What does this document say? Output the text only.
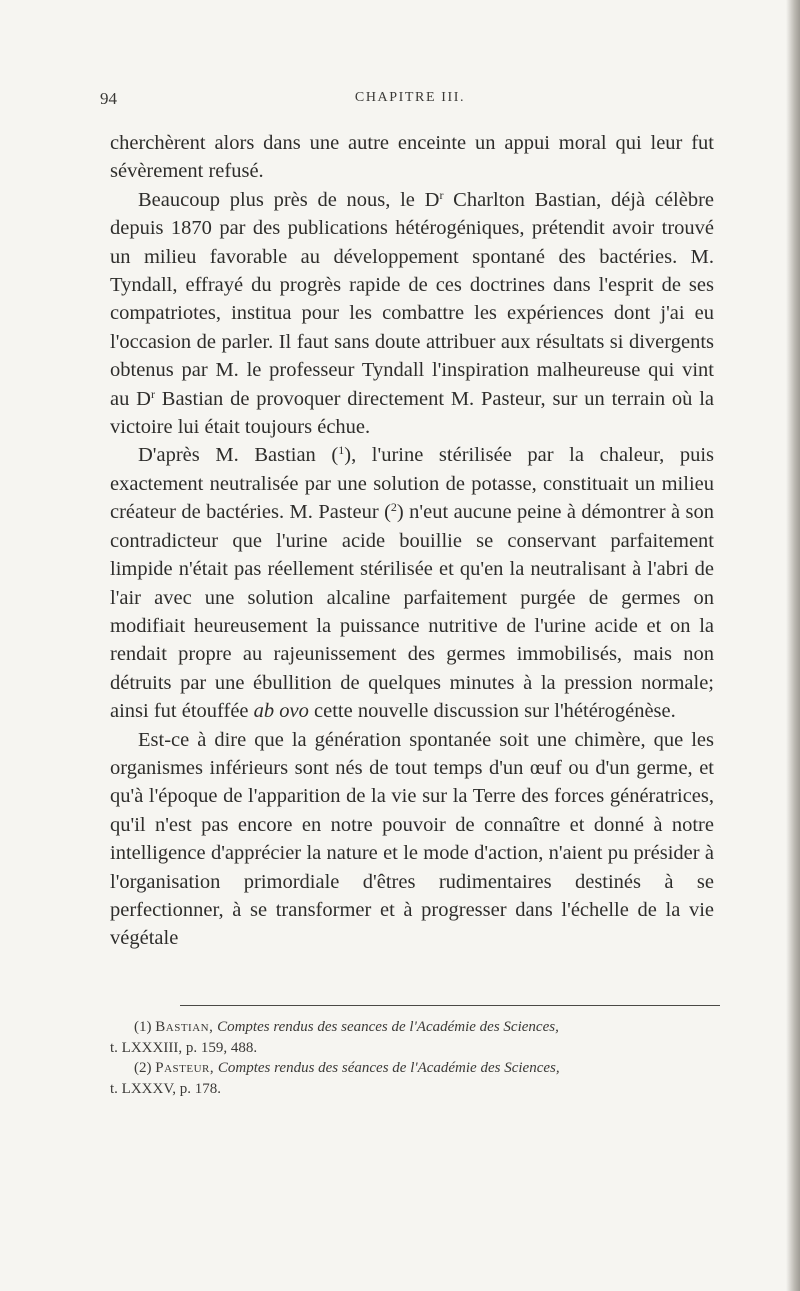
94	CHAPITRE III.

cherchèrent alors dans une autre enceinte un appui moral qui leur fut sévèrement refusé.

Beaucoup plus près de nous, le $D^r$ Charlton Bastian, déjà célèbre depuis 1870 par des publications hétérogéniques, prétendit avoir trouvé un milieu favorable au développement spontané des bactéries. M. Tyndall, effrayé du progrès rapide de ces doctrines dans l'esprit de ses compatriotes, institua pour les combattre les expériences dont j'ai eu l'occasion de parler. Il faut sans doute attribuer aux résultats si divergents obtenus par M. le professeur Tyndall l'inspiration malheureuse qui vint au $D^r$ Bastian de provoquer directement M. Pasteur, sur un terrain où la victoire lui était toujours échue.

D'après M. Bastian ($^1$), l'urine stérilisée par la chaleur, puis exactement neutralisée par une solution de potasse, constituait un milieu créateur de bactéries. M. Pasteur ($^2$) n'eut aucune peine à démontrer à son contradicteur que l'urine acide bouillie se conservant parfaitement limpide n'était pas réellement stérilisée et qu'en la neutralisant à l'abri de l'air avec une solution alcaline parfaitement purgée de germes on modifiait heureusement la puissance nutritive de l'urine acide et on la rendait propre au rajeunissement des germes immobilisés, mais non détruits par une ébullition de quelques minutes à la pression normale; ainsi fut étouffée ab ovo cette nouvelle discussion sur l'hétérogénèse.

Est-ce à dire que la génération spontanée soit une chimère, que les organismes inférieurs sont nés de tout temps d'un œuf ou d'un germe, et qu'à l'époque de l'apparition de la vie sur la Terre des forces génératrices, qu'il n'est pas encore en notre pouvoir de connaître et donné à notre intelligence d'apprécier la nature et le mode d'action, n'aient pu présider à l'organisation primordiale d'êtres rudimentaires destinés à se perfectionner, à se transformer et à progresser dans l'échelle de la vie végétale

(1) Bastian, Comptes rendus des seances de l'Académie des Sciences,
t. LXXXIII, p. 159, 488.

(2) Pasteur, Comptes rendus des séances de l'Académie des Sciences,
t. LXXXV, p. 178.
